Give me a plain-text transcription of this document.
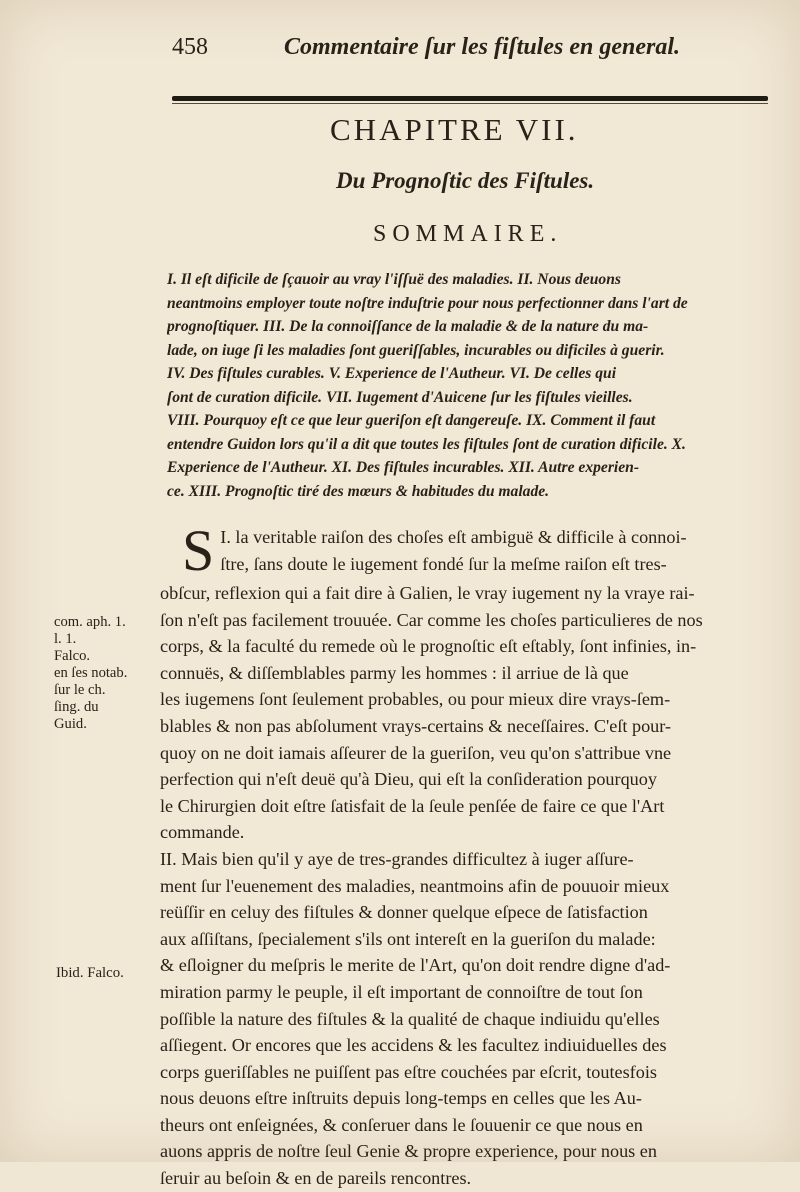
458	Commentaire ſur les fiſtules en general.
CHAPITRE VII.
Du Prognoſtic des Fiſtules.
SOMMAIRE.
I. Il eſt dificile de ſçauoir au vray l'iſſuë des maladies. II. Nous deuons
neantmoins employer toute noſtre induſtrie pour nous perfectionner dans l'art de
prognoſtiquer. III. De la connoiſſance de la maladie & de la nature du ma-
lade, on iuge ſi les maladies ſont gueriſſables, incurables ou dificiles à guerir.
IV. Des fiſtules curables. V. Experience de l'Autheur. VI. De celles qui
ſont de curation dificile. VII. Iugement d'Auicene ſur les fiſtules vieilles.
VIII. Pourquoy eſt ce que leur gueriſon eſt dangereuſe. IX. Comment il faut
entendre Guidon lors qu'il a dit que toutes les fiſtules ſont de curation dificile. X.
Experience de l'Autheur. XI. Des fiſtules incurables. XII. Autre experien-
ce. XIII. Prognoſtic tiré des mœurs & habitudes du malade.
S I. la veritable raiſon des choſes eſt ambiguë & difficile à connoi-
ſtre, ſans doute le iugement fondé ſur la meſme raiſon eſt tres-
obſcur, reflexion qui a fait dire à Galien, le vray iugement ny la vraye rai-
ſon n'eſt pas facilement trouuée. Car comme les choſes particulieres de nos
corps, & la faculté du remede où le prognoſtic eſt eſtably, ſont infinies, in-
connuës, & diſſemblables parmy les hommes : il arriue de là que
les iugemens ſont ſeulement probables, ou pour mieux dire vrays-ſem-
blables & non pas abſolument vrays-certains & neceſſaires. C'eſt pour-
quoy on ne doit iamais aſſeurer de la gueriſon, veu qu'on s'attribue vne
perfection qui n'eſt deuë qu'à Dieu, qui eſt la conſideration pourquoy
le Chirurgien doit eſtre ſatisfait de la ſeule penſée de faire ce que l'Art
commande.
II. Mais bien qu'il y aye de tres-grandes difficultez à iuger aſſure-
ment ſur l'euenement des maladies, neantmoins afin de pouuoir mieux
reüſſir en celuy des fiſtules & donner quelque eſpece de ſatisfaction
aux aſſiſtans, ſpecialement s'ils ont intereſt en la gueriſon du malade:
& eſloigner du meſpris le merite de l'Art, qu'on doit rendre digne d'ad-
miration parmy le peuple, il eſt important de connoiſtre de tout ſon
poſſible la nature des fiſtules & la qualité de chaque indiuidu qu'elles
aſſiegent. Or encores que les accidens & les facultez indiuiduelles des
corps gueriſſables ne puiſſent pas eſtre couchées par eſcrit, toutesfois
nous deuons eſtre inſtruits depuis long-temps en celles que les Au-
theurs ont enſeignées, & conſeruer dans le ſouuenir ce que nous en
auons appris de noſtre ſeul Genie & propre experience, pour nous en
ſeruir au beſoin & en de pareils rencontres.
com. aph. 1.
l. 1.
Falco.
en ſes notab.
ſur le ch.
ſing. du
Guid.
Ibid. Falco.
